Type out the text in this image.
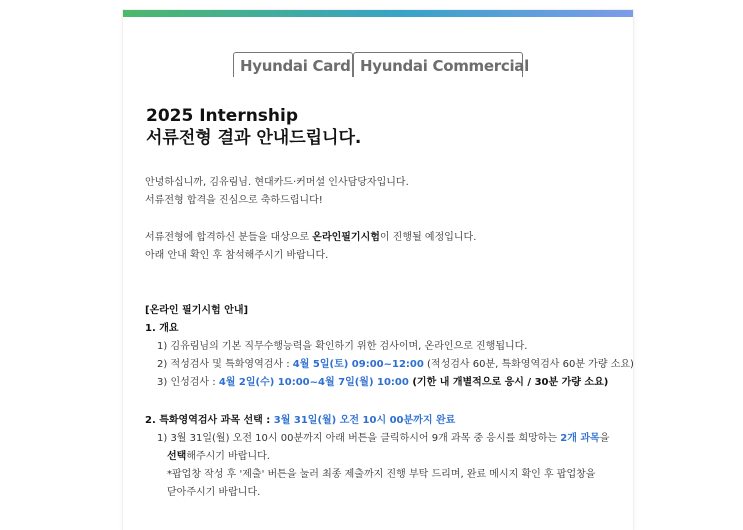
Hyundai Card Hyundai Commercial
2025 Internship
서류전형 결과 안내드립니다.
안녕하십니까, 김유림님. 현대카드·커머셜 인사담당자입니다.
서류전형 합격을 진심으로 축하드립니다!
서류전형에 합격하신 분들을 대상으로 온라인필기시험이 진행될 예정입니다.
아래 안내 확인 후 참석해주시기 바랍니다.
[온라인 필기시험 안내]
1. 개요
1) 김유림님의 기본 직무수행능력을 확인하기 위한 검사이며, 온라인으로 진행됩니다.
2) 적성검사 및 특화영역검사 : 4월 5일(토) 09:00~12:00 (적성검사 60분, 특화영역검사 60분 가량 소요)
3) 인성검사 : 4월 2일(수) 10:00~4월 7일(월) 10:00 (기한 내 개별적으로 응시 / 30분 가량 소요)
2. 특화영역검사 과목 선택 : 3월 31일(월) 오전 10시 00분까지 완료
1) 3월 31일(월) 오전 10시 00분까지 아래 버튼을 클릭하시어 9개 과목 중 응시를 희망하는 2개 과목을
선택해주시기 바랍니다.
*팝업창 작성 후 '제출' 버튼을 눌러 최종 제출까지 진행 부탁 드리며, 완료 메시지 확인 후 팝업창을
닫아주시기 바랍니다.
